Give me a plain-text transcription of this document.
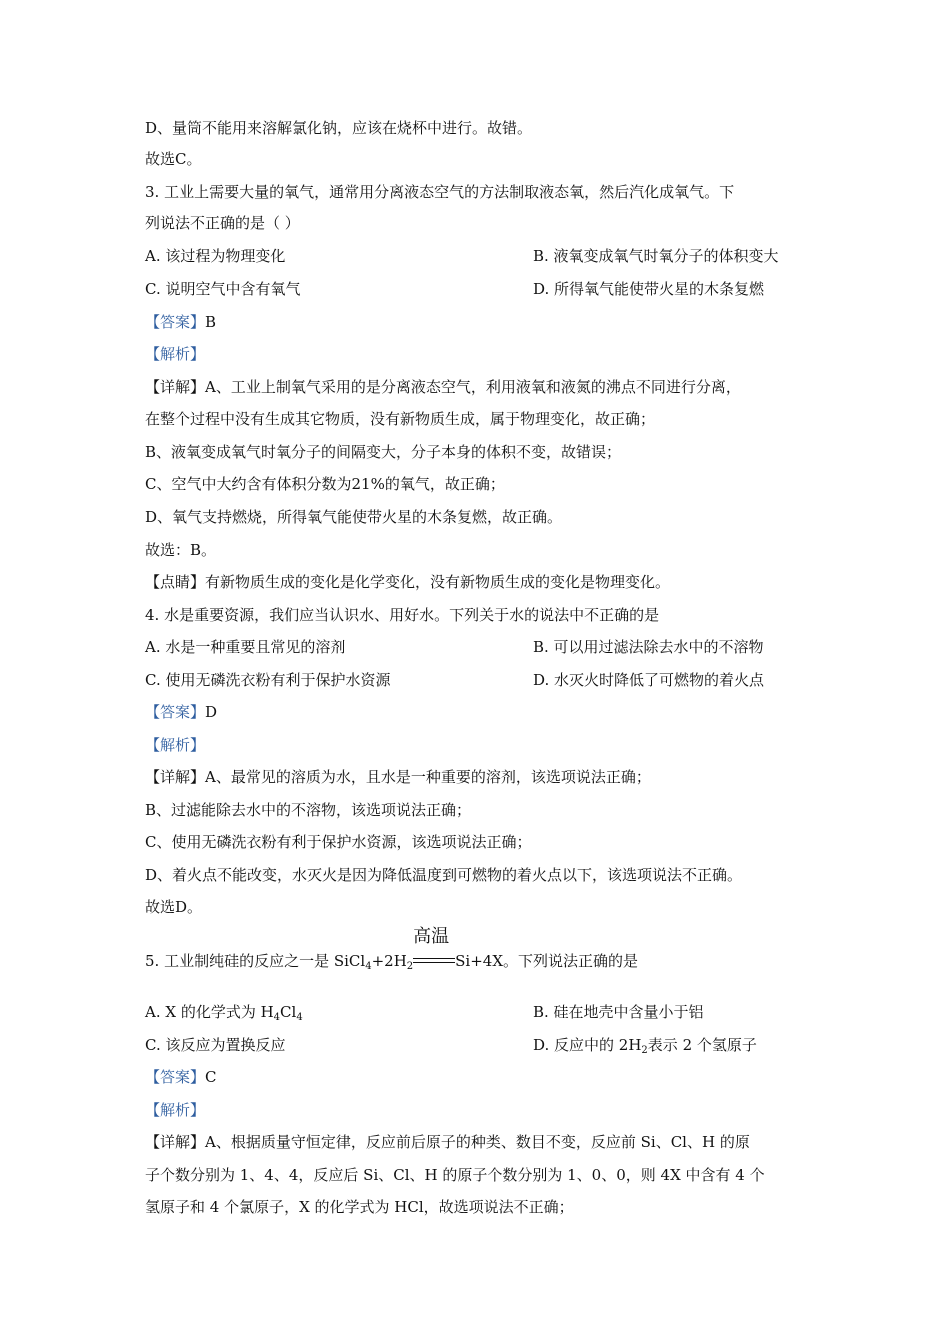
D、量筒不能用来溶解氯化钠，应该在烧杯中进行。故错。
故选C。
3. 工业上需要大量的氧气，通常用分离液态空气的方法制取液态氧，然后汽化成氧气。下
列说法不正确的是（ ）
A. 该过程为物理变化	B. 液氧变成氧气时氧分子的体积变大
C. 说明空气中含有氧气	D. 所得氧气能使带火星的木条复燃
【答案】B
【解析】
【详解】A、工业上制氧气采用的是分离液态空气，利用液氧和液氮的沸点不同进行分离，
在整个过程中没有生成其它物质，没有新物质生成，属于物理变化，故正确；
B、液氧变成氧气时氧分子的间隔变大，分子本身的体积不变，故错误；
C、空气中大约含有体积分数为21%的氧气，故正确；
D、氧气支持燃烧，所得氧气能使带火星的木条复燃，故正确。
故选：B。
【点睛】有新物质生成的变化是化学变化，没有新物质生成的变化是物理变化。
4. 水是重要资源，我们应当认识水、用好水。下列关于水的说法中不正确的是
A. 水是一种重要且常见的溶剂	B. 可以用过滤法除去水中的不溶物
C. 使用无磷洗衣粉有利于保护水资源	D. 水灭火时降低了可燃物的着火点
【答案】D
【解析】
【详解】A、最常见的溶质为水，且水是一种重要的溶剂，该选项说法正确；
B、过滤能除去水中的不溶物，该选项说法正确；
C、使用无磷洗衣粉有利于保护水资源，该选项说法正确；
D、着火点不能改变，水灭火是因为降低温度到可燃物的着火点以下，该选项说法不正确。
故选D。
5. 工业制纯硅的反应之一是 $SiCl_4+2H_2$
高温
Si+4X。下列说法正确的是
A. X 的化学式为 $H_4Cl_4$	B. 硅在地壳中含量小于铝
C. 该反应为置换反应	D. 反应中的 $2H_2$表示 2 个氢原子
【答案】C
【解析】
【详解】A、根据质量守恒定律，反应前后原子的种类、数目不变，反应前 Si、Cl、H 的原
子个数分别为 1、4、4，反应后 Si、Cl、H 的原子个数分别为 1、0、0，则 4X 中含有 4 个
氢原子和 4 个氯原子，X 的化学式为 HCl，故选项说法不正确；
